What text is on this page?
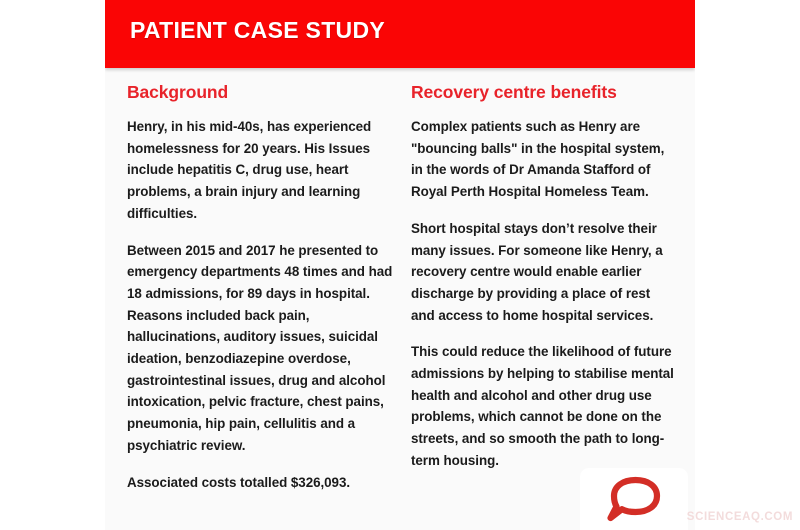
PATIENT CASE STUDY
Background

Henry, in his mid-40s, has experienced homelessness for 20 years. His Issues include hepatitis C, drug use, heart problems, a brain injury and learning difficulties.

Between 2015 and 2017 he presented to emergency departments 48 times and had 18 admissions, for 89 days in hospital. Reasons included back pain, hallucinations, auditory issues, suicidal ideation, benzodiazepine overdose, gastrointestinal issues, drug and alcohol intoxication, pelvic fracture, chest pains, pneumonia, hip pain, cellulitis and a psychiatric review.

Associated costs totalled $326,093.

Recovery centre benefits

Complex patients such as Henry are "bouncing balls" in the hospital system, in the words of Dr Amanda Stafford of Royal Perth Hospital Homeless Team.

Short hospital stays don’t resolve their many issues. For someone like Henry, a recovery centre would enable earlier discharge by providing a place of rest and access to home hospital services.

This could reduce the likelihood of future admissions by helping to stabilise mental health and alcohol and other drug use problems, which cannot be done on the streets, and so smooth the path to long-term housing.

SCIENCEAQ.COM
